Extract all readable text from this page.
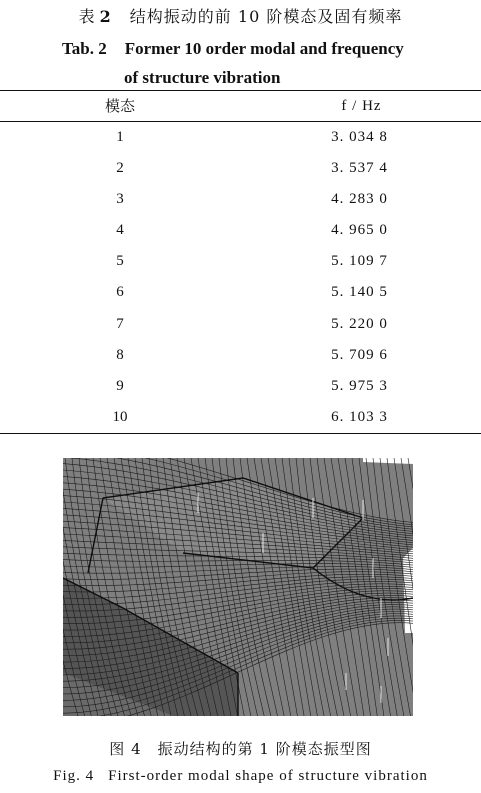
表 2 结构振动的前 10 阶模态及固有频率
Tab. 2 Former 10 order modal and frequency
of structure vibration
模态	f / Hz
1	3. 034 8
2	3. 537 4
3	4. 283 0
4	4. 965 0
5	5. 109 7
6	5. 140 5
7	5. 220 0
8	5. 709 6
9	5. 975 3
10	6. 103 3
图 4 振动结构的第 1 阶模态振型图
Fig. 4 First-order modal shape of structure vibration
